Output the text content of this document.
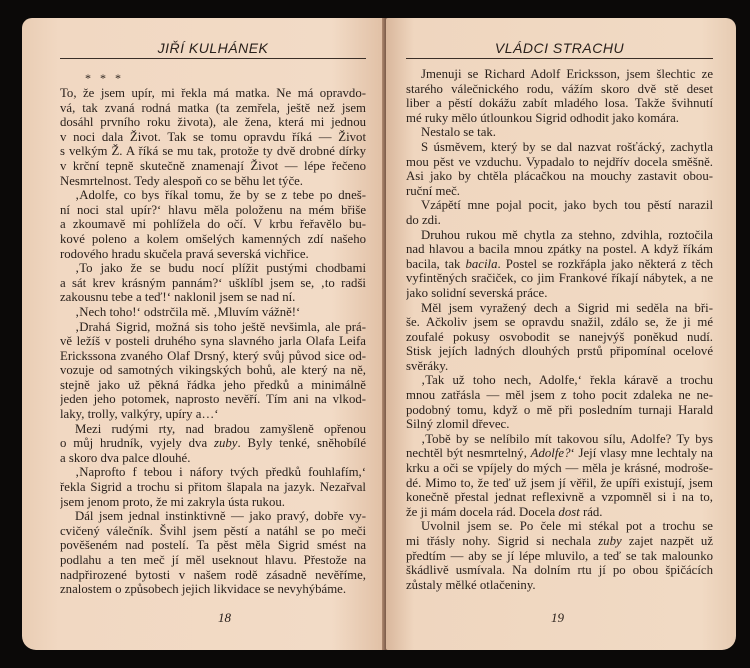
JIŘÍ KULHÁNEK
* * *
To, že jsem upír, mi řekla má matka. Ne má opravdo-
vá, tak zvaná rodná matka (ta zemřela, ještě než jsem
dosáhl prvního roku života), ale žena, která mi jednou
v noci dala Život. Tak se tomu opravdu říká — Život
s velkým Ž. A říká se mu tak, protože ty dvě drobné dírky
v krční tepně skutečně znamenají Život — lépe řečeno
Nesmrtelnost. Tedy alespoň co se běhu let týče.
‚Adolfe, co bys říkal tomu, že by se z tebe po dneš-
ní noci stal upír?‘ hlavu měla položenu na mém břiše
a zkoumavě mi pohlížela do očí. V krbu řeřavělo bu-
kové poleno a kolem omšelých kamenných zdí našeho
rodového hradu skučela pravá severská vichřice.
‚To jako že se budu nocí plížit pustými chodbami
a sát krev krásným pannám?‘ ušklíbl jsem se, ‚to radši
zakousnu tebe a teď!‘ naklonil jsem se nad ní.
‚Nech toho!‘ odstrčila mě. ‚Mluvím vážně!‘
‚Drahá Sigrid, možná sis toho ještě nevšimla, ale prá-
vě ležíš v posteli druhého syna slavného jarla Olafa Leifa
Erickssona zvaného Olaf Drsný, který svůj původ sice od-
vozuje od samotných vikingských bohů, ale který na ně,
stejně jako už pěkná řádka jeho předků a minimálně
jeden jeho potomek, naprosto nevěří. Tím ani na vlkod-
laky, trolly, valkýry, upíry a…‘
Mezi rudými rty, nad bradou zamyšleně opřenou
o můj hrudník, vyjely dva zuby. Byly tenké, sněhobílé
a skoro dva palce dlouhé.
‚Naprofto f tebou i náfory tvých předků fouhlafím,‘
řekla Sigrid a trochu si přitom šlapala na jazyk. Nezařval
jsem jenom proto, že mi zakryla ústa rukou.
Dál jsem jednal instinktivně — jako pravý, dobře vy-
cvičený válečník. Švihl jsem pěstí a natáhl se po meči
pověšeném nad postelí. Ta pěst měla Sigrid smést na
podlahu a ten meč jí měl useknout hlavu. Přestože na
nadpřirozené bytosti v našem rodě zásadně nevěříme,
znalostem o způsobech jejich likvidace se nevyhýbáme.
18
VLÁDCI STRACHU
Jmenuji se Richard Adolf Ericksson, jsem šlechtic ze
starého válečnického rodu, vážím skoro dvě stě deset
liber a pěstí dokážu zabít mladého losa. Takže švihnutí
mé ruky mělo útlounkou Sigrid odhodit jako komára.
Nestalo se tak.
S úsměvem, který by se dal nazvat rošťácký, zachytla
mou pěst ve vzduchu. Vypadalo to nejdřív docela směšně.
Asi jako by chtěla plácačkou na mouchy zastavit obou-
ruční meč.
Vzápětí mne pojal pocit, jako bych tou pěstí narazil
do zdi.
Druhou rukou mě chytla za stehno, zdvihla, roztočila
nad hlavou a bacila mnou zpátky na postel. A když říkám
bacila, tak bacila. Postel se rozkřápla jako některá z těch
vyfintěných sračiček, co jim Frankové říkají nábytek, a ne
jako solidní severská práce.
Měl jsem vyražený dech a Sigrid mi seděla na bři-
še. Ačkoliv jsem se opravdu snažil, zdálo se, že ji mé
zoufalé pokusy osvobodit se nanejvýš poněkud nudí.
Stisk jejích ladných dlouhých prstů připomínal ocelové
svěráky.
‚Tak už toho nech, Adolfe,‘ řekla káravě a trochu
mnou zatřásla — měl jsem z toho pocit zdaleka ne ne-
podobný tomu, když o mě při posledním turnaji Harald
Silný zlomil dřevec.
‚Tobě by se nelíbilo mít takovou sílu, Adolfe? Ty bys
nechtěl být nesmrtelný, Adolfe?‘ Její vlasy mne lechtaly na
krku a oči se vpíjely do mých — měla je krásné, modroše-
dé. Mimo to, že teď už jsem jí věřil, že upíři existují, jsem
konečně přestal jednat reflexivně a vzpomněl si i na to,
že ji mám docela rád. Docela dost rád.
Uvolnil jsem se. Po čele mi stékal pot a trochu se
mi třásly nohy. Sigrid si nechala zuby zajet nazpět už
předtím — aby se jí lépe mluvilo, a teď se tak malounko
škádlivě usmívala. Na dolním rtu jí po obou špičácích
zůstaly mělké otlačeniny.
19
